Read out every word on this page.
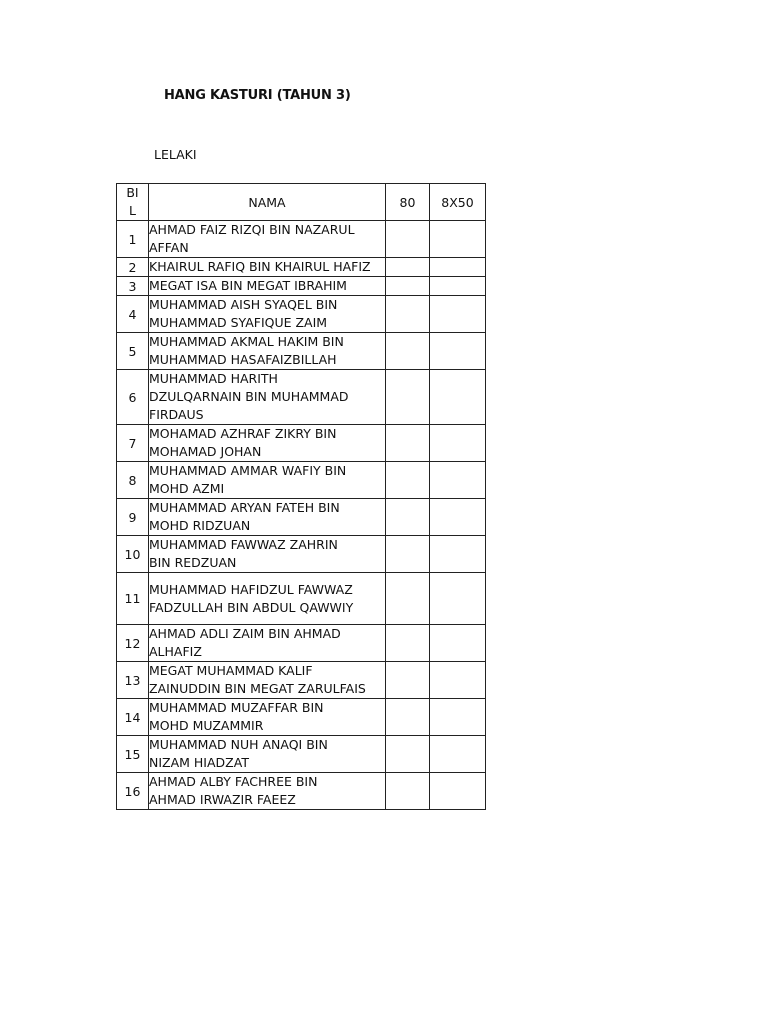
HANG KASTURI (TAHUN 3)
LELAKI
BI
L	NAMA	80	8X50
1	AHMAD FAIZ RIZQI BIN NAZARUL
AFFAN		

2	KHAIRUL RAFIQ BIN KHAIRUL HAFIZ		

3	MEGAT ISA BIN MEGAT IBRAHIM		

4	MUHAMMAD AISH SYAQEL BIN
MUHAMMAD SYAFIQUE ZAIM		

5	MUHAMMAD AKMAL HAKIM BIN
MUHAMMAD HASAFAIZBILLAH		

6	MUHAMMAD HARITH
DZULQARNAIN BIN MUHAMMAD
FIRDAUS		

7	MOHAMAD AZHRAF ZIKRY BIN
MOHAMAD JOHAN		

8	MUHAMMAD AMMAR WAFIY BIN
MOHD AZMI		

9	MUHAMMAD ARYAN FATEH BIN
MOHD RIDZUAN		

10	MUHAMMAD FAWWAZ ZAHRIN
BIN REDZUAN		

11	MUHAMMAD HAFIDZUL FAWWAZ
FADZULLAH BIN ABDUL QAWWIY		

12	AHMAD ADLI ZAIM BIN AHMAD
ALHAFIZ		

13	MEGAT MUHAMMAD KALIF
ZAINUDDIN BIN MEGAT ZARULFAIS		

14	MUHAMMAD MUZAFFAR BIN
MOHD MUZAMMIR		

15	MUHAMMAD NUH ANAQI BIN
NIZAM HIADZAT		

16	AHMAD ALBY FACHREE BIN
AHMAD IRWAZIR FAEEZ		
